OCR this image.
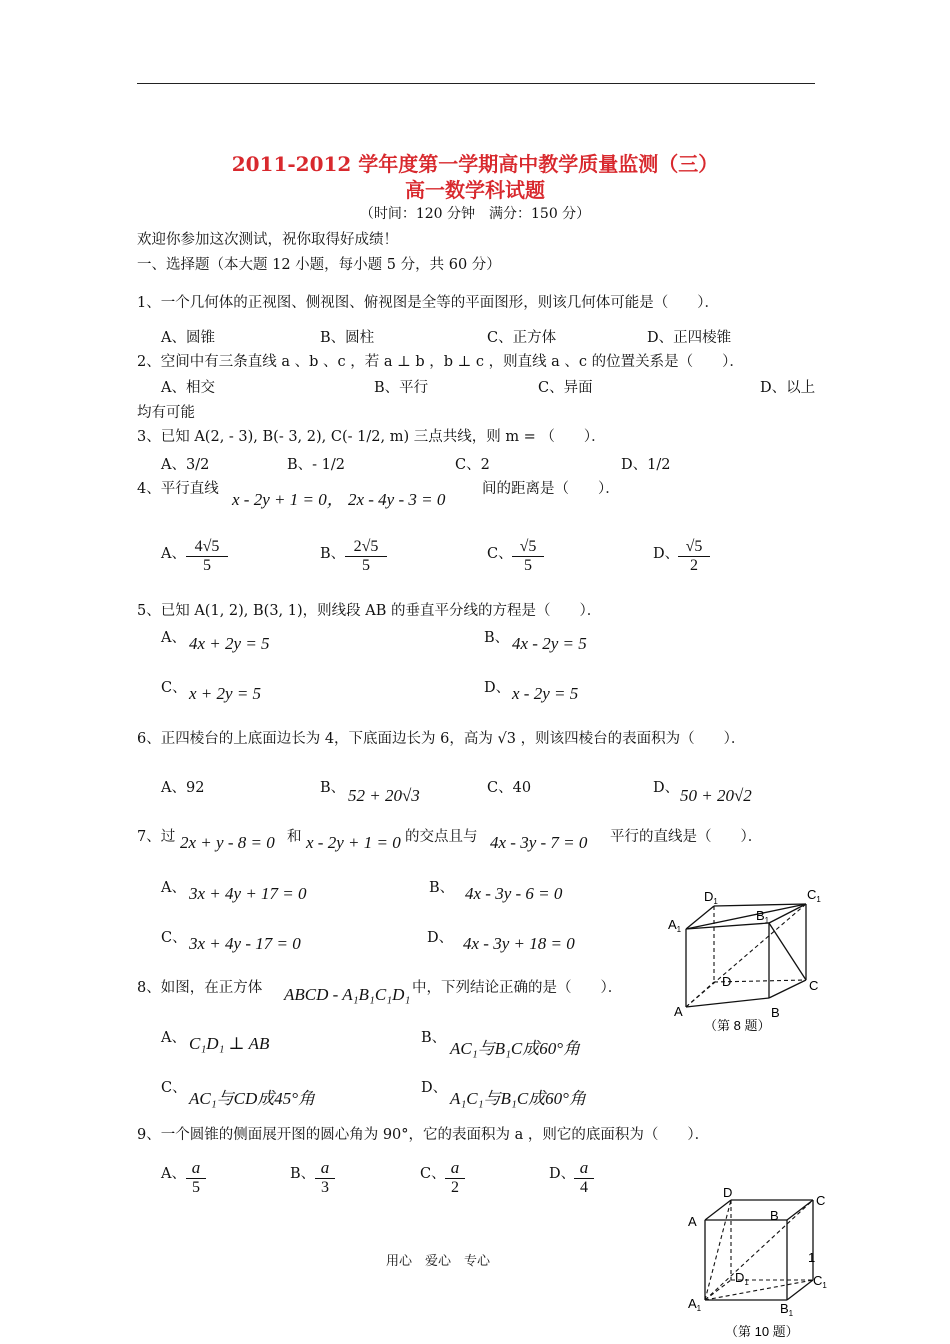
2011-2012 学年度第一学期高中教学质量监测（三）
高一数学科试题
（时间：120 分钟　满分：150 分）
欢迎你参加这次测试，祝你取得好成绩！
一、选择题（本大题 12 小题，每小题 5 分，共 60 分）
1、一个几何体的正视图、侧视图、俯视图是全等的平面图形，则该几何体可能是（　　）．
A、圆锥	B、圆柱	C、正方体	D、正四棱锥
2、空间中有三条直线 a 、b 、c ，若 a ⊥ b ，b ⊥ c ，则直线 a 、c 的位置关系是（　　）．
A、相交	B、平行	C、异面	D、以上
均有可能
3、已知 A(2, - 3), B(- 3, 2), C(- 1/2, m) 三点共线，则 m = （　　）．
A、3/2	B、- 1/2	C、2	D、1/2
4、平行直线
x - 2y + 1 = 0， 2x - 4y - 3 = 0
间的距离是（　　）．
A、 $\frac{4√5}{5}$	B、 $\frac{2√5}{5}$	C、 $\frac{√5}{5}$	D、
$\frac{√5}{2}$
5、已知 A(1, 2), B(3, 1)，则线段 AB 的垂直平分线的方程是（　　）．
A、 4x + 2y = 5	B、 4x - 2y = 5
C、 x + 2y = 5	D、 x - 2y = 5
6、正四棱台的上底面边长为 4，下底面边长为 6，高为 √3 ，则该四棱台的表面积为（　　）．
A、92	B、 52 + 20√3	C、40	D、 50 + 20√2
7、过 2x + y - 8 = 0 和 x - 2y + 1 = 0 的交点且与 4x - 3y - 7 = 0 平行的直线是（　　）．
A、 3x + 4y + 17 = 0	B、 4x - 3y - 6 = 0
C、 3x + 4y - 17 = 0	D、 4x - 3y + 18 = 0
8、如图，在正方体 ABCD - A₁B₁C₁D₁ 中，下列结论正确的是（　　）．
A、 C₁D₁ ⊥ AB	B、
AC₁与B₁C成60°角
C、
AC₁与CD成45°角
D、
A₁C₁与B₁C成60°角
9、一个圆锥的侧面展开图的圆心角为 90°，它的表面积为 a ，则它的底面积为（　　）．
A、 $\frac{a}{5}$	B、 $\frac{a}{3}$	C、 $\frac{a}{2}$	D、
$\frac{a}{4}$
$D_1$	$C_1$
$A_1$
$B_1$
D	C
A	B
（第 8 题）
D
C
A	B
1
$D_1$	$C_1$
$A_1$	$B_1$
（第 10 题）
用心　爱心　专心
